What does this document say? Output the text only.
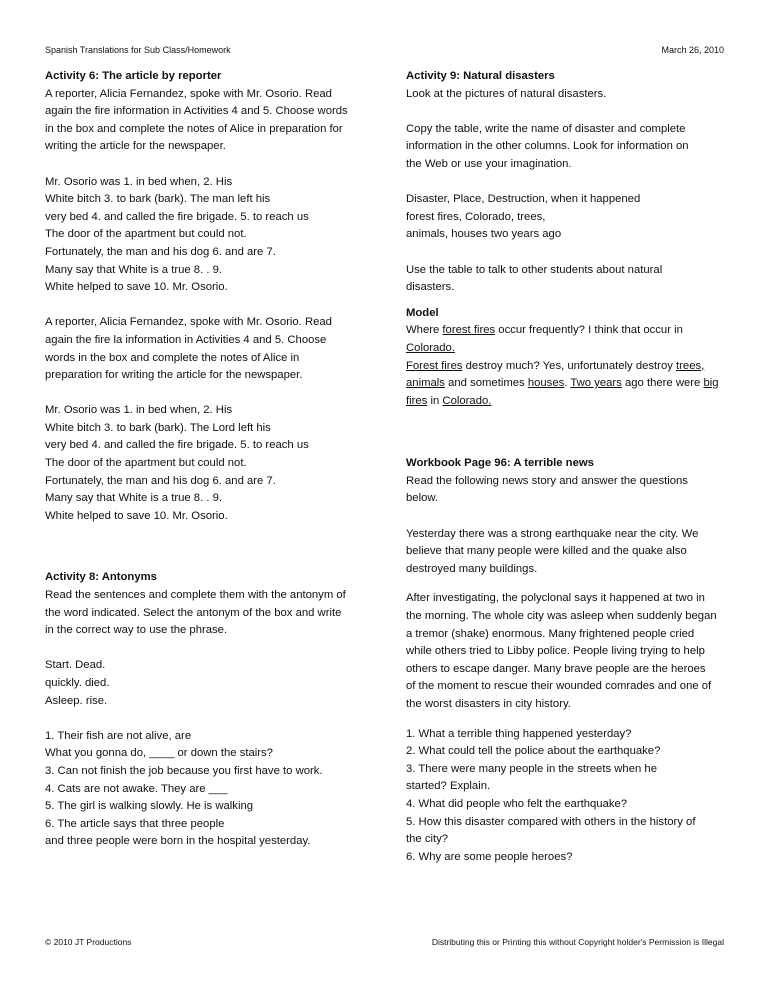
Spanish Translations for Sub Class/Homework	March 26, 2010
Activity 6: The article by reporter
A reporter, Alicia Fernandez, spoke with Mr. Osorio. Read
again the fire information in Activities 4 and 5. Choose words
in the box and complete the notes of Alice in preparation for
writing the article for the newspaper.
Mr. Osorio was 1. in bed when, 2. His
White bitch 3. to bark (bark). The man left his
very bed 4. and called the fire brigade. 5. to reach us
The door of the apartment but could not.
Fortunately, the man and his dog 6. and are 7.
Many say that White is a true 8. . 9.
White helped to save 10. Mr. Osorio.
A reporter, Alicia Fernandez, spoke with Mr. Osorio. Read
again the fire la information in Activities 4 and 5. Choose
words in the box and complete the notes of Alice in
preparation for writing the article for the newspaper.
Mr. Osorio was 1. in bed when, 2. His
White bitch 3. to bark (bark). The Lord left his
very bed 4. and called the fire brigade. 5. to reach us
The door of the apartment but could not.
Fortunately, the man and his dog 6. and are 7.
Many say that White is a true 8. . 9.
White helped to save 10. Mr. Osorio.
Activity 8: Antonyms
Read the sentences and complete them with the antonym of
the word indicated. Select the antonym of the box and write
in the correct way to use the phrase.
Start. Dead.
quickly. died.
Asleep. rise.
1. Their fish are not alive, are
What you gonna do, ____ or down the stairs?
3. Can not finish the job because you first have to work.
4. Cats are not awake. They are ___
5. The girl is walking slowly. He is walking
6. The article says that three people
and three people were born in the hospital yesterday.
Activity 9: Natural disasters
Look at the pictures of natural disasters.
Copy the table, write the name of disaster and complete
information in the other columns. Look for information on
the Web or use your imagination.
Disaster, Place, Destruction, when it happened
forest fires, Colorado, trees,
animals, houses two years ago
Use the table to talk to other students about natural
disasters.
Model
Where forest fires occur frequently? I think that occur in
Colorado.
Forest fires destroy much? Yes, unfortunately destroy trees,
animals and sometimes houses. Two years ago there were big
fires in Colorado.
Workbook Page 96: A terrible news
Read the following news story and answer the questions
below.
Yesterday there was a strong earthquake near the city. We
believe that many people were killed and the quake also
destroyed many buildings.
After investigating, the polyclonal says it happened at two in
the morning. The whole city was asleep when suddenly began
a tremor (shake) enormous. Many frightened people cried
while others tried to Libby police. People living trying to help
others to escape danger. Many brave people are the heroes
of the moment to rescue their wounded comrades and one of
the worst disasters in city history.
1. What a terrible thing happened yesterday?
2. What could tell the police about the earthquake?
3. There were many people in the streets when he
started? Explain.
4. What did people who felt the earthquake?
5. How this disaster compared with others in the history of
the city?
6. Why are some people heroes?
© 2010 JT Productions	Distributing this or Printing this without Copyright holder's Permission is Illegal
